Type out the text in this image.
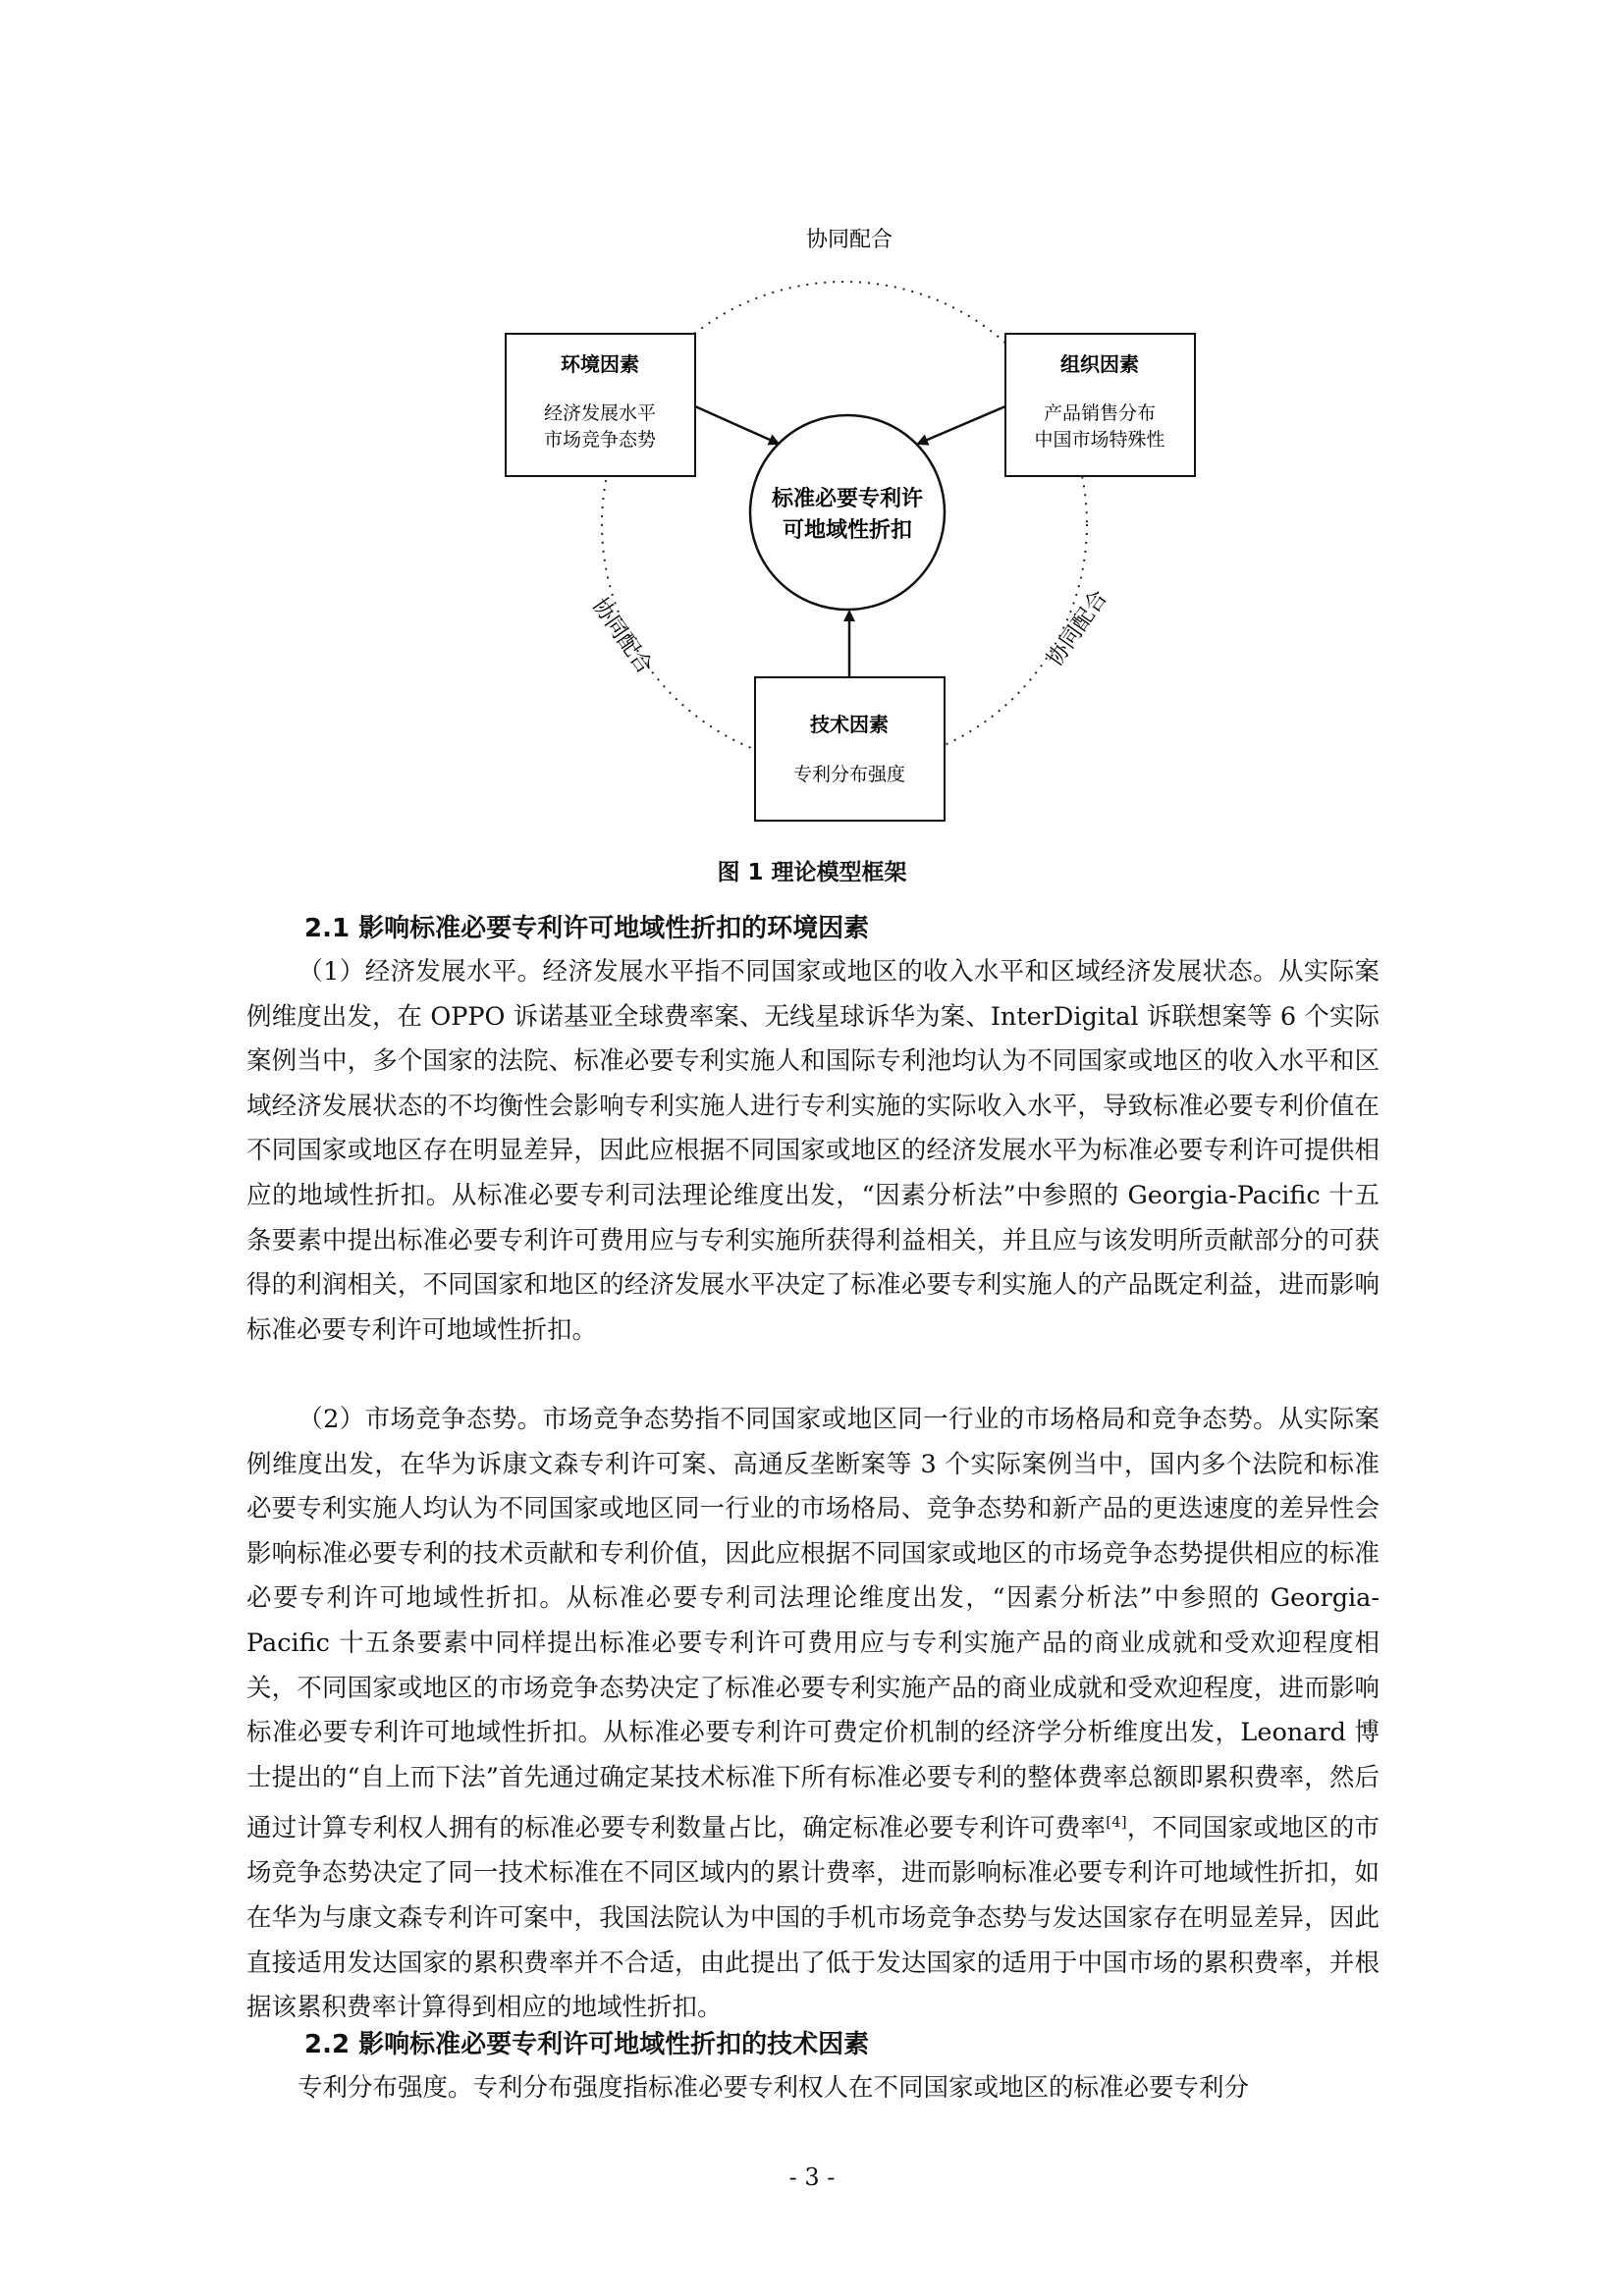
环境因素
经济发展水平
市场竞争态势
组织因素
产品销售分布
中国市场特殊性
技术因素
专利分布强度
标准必要专利许
可地域性折扣
协同配合
协同配合	协同配合
图 1 理论模型框架
2.1 影响标准必要专利许可地域性折扣的环境因素

（1）经济发展水平。经济发展水平指不同国家或地区的收入水平和区域经济发展状态。从实际案例维度出发，在 OPPO 诉诺基亚全球费率案、无线星球诉华为案、InterDigital 诉联想案等 6 个实际案例当中，多个国家的法院、标准必要专利实施人和国际专利池均认为不同国家或地区的收入水平和区域经济发展状态的不均衡性会影响专利实施人进行专利实施的实际收入水平，导致标准必要专利价值在不同国家或地区存在明显差异，因此应根据不同国家或地区的经济发展水平为标准必要专利许可提供相应的地域性折扣。从标准必要专利司法理论维度出发，“因素分析法”中参照的 Georgia-Pacific 十五条要素中提出标准必要专利许可费用应与专利实施所获得利益相关，并且应与该发明所贡献部分的可获得的利润相关，不同国家和地区的经济发展水平决定了标准必要专利实施人的产品既定利益，进而影响标准必要专利许可地域性折扣。

（2）市场竞争态势。市场竞争态势指不同国家或地区同一行业的市场格局和竞争态势。从实际案例维度出发，在华为诉康文森专利许可案、高通反垄断案等 3 个实际案例当中，国内多个法院和标准必要专利实施人均认为不同国家或地区同一行业的市场格局、竞争态势和新产品的更迭速度的差异性会影响标准必要专利的技术贡献和专利价值，因此应根据不同国家或地区的市场竞争态势提供相应的标准必要专利许可地域性折扣。从标准必要专利司法理论维度出发，“因素分析法”中参照的 Georgia-Pacific 十五条要素中同样提出标准必要专利许可费用应与专利实施产品的商业成就和受欢迎程度相关，不同国家或地区的市场竞争态势决定了标准必要专利实施产品的商业成就和受欢迎程度，进而影响标准必要专利许可地域性折扣。从标准必要专利许可费定价机制的经济学分析维度出发，Leonard 博士提出的“自上而下法”首先通过确定某技术标准下所有标准必要专利的整体费率总额即累积费率，然后通过计算专利权人拥有的标准必要专利数量占比，确定标准必要专利许可费率[4]，不同国家或地区的市场竞争态势决定了同一技术标准在不同区域内的累计费率，进而影响标准必要专利许可地域性折扣，如在华为与康文森专利许可案中，我国法院认为中国的手机市场竞争态势与发达国家存在明显差异，因此直接适用发达国家的累积费率并不合适，由此提出了低于发达国家的适用于中国市场的累积费率，并根据该累积费率计算得到相应的地域性折扣。

2.2 影响标准必要专利许可地域性折扣的技术因素

专利分布强度。专利分布强度指标准必要专利权人在不同国家或地区的标准必要专利分

- 3 -
